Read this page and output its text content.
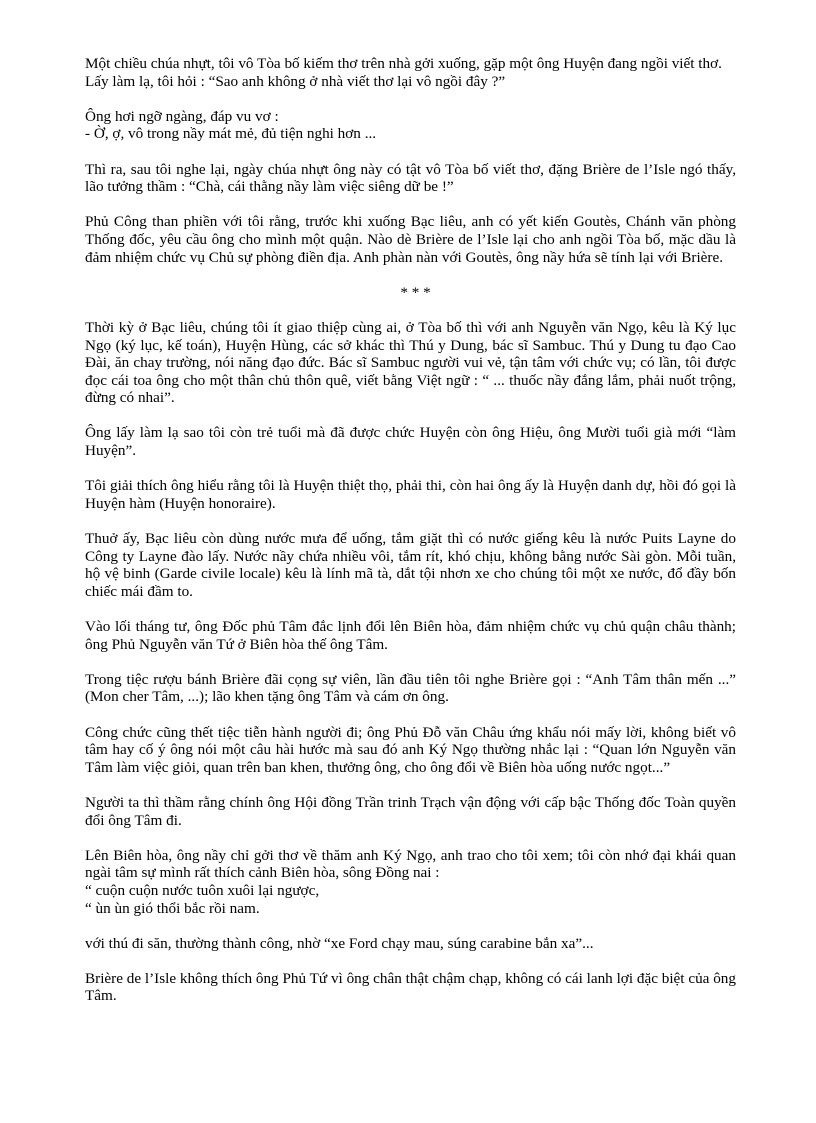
Một chiều chúa nhựt, tôi vô Tòa bố kiếm thơ trên nhà gởi xuống, gặp một ông Huyện đang ngồi viết thơ.
Lấy làm lạ, tôi hỏi : “Sao anh không ở nhà viết thơ lại vô ngồi đây ?”
Ông hơi ngỡ ngàng, đáp vu vơ :
- Ờ, ợ, vô trong nầy mát mẻ, đủ tiện nghi hơn ...
Thì ra, sau tôi nghe lại, ngày chúa nhựt ông này có tật vô Tòa bố viết thơ, đặng Brière de l’Isle ngó thấy, lão tưởng thầm : “Chà, cái thằng nầy làm việc siêng dữ be !”
Phủ Công than phiền với tôi rằng, trước khi xuống Bạc liêu, anh có yết kiến Goutès, Chánh văn phòng Thống đốc, yêu cầu ông cho mình một quận. Nào dè Brière de l’Isle lại cho anh ngồi Tòa bố, mặc dầu là đảm nhiệm chức vụ Chủ sự phòng điền địa. Anh phàn nàn với Goutès, ông nầy hứa sẽ tính lại với Brière.
* * *
Thời kỳ ở Bạc liêu, chúng tôi ít giao thiệp cùng ai, ở Tòa bố thì với anh Nguyễn văn Ngọ, kêu là Ký lục Ngọ (ký lục, kế toán), Huyện Hùng, các sở khác thì Thú y Dung, bác sĩ Sambuc. Thú y Dung tu đạo Cao Đài, ăn chay trường, nói năng đạo đức. Bác sĩ Sambuc người vui vẻ, tận tâm với chức vụ; có lần, tôi được đọc cái toa ông cho một thân chủ thôn quê, viết bằng Việt ngữ : “ ... thuốc nầy đắng lắm, phải nuốt trộng, đừng có nhai”.
Ông lấy làm lạ sao tôi còn trẻ tuổi mà đã được chức Huyện còn ông Hiệu, ông Mười tuổi già mới “làm Huyện”.
Tôi giải thích ông hiểu rằng tôi là Huyện thiệt thọ, phải thi, còn hai ông ấy là Huyện danh dự, hồi đó gọi là Huyện hàm (Huyện honoraire).
Thuở ấy, Bạc liêu còn dùng nước mưa để uống, tắm giặt thì có nước giếng kêu là nước Puits Layne do Công ty Layne đào lấy. Nước nầy chứa nhiều vôi, tắm rít, khó chịu, không bằng nước Sài gòn. Mỗi tuần, hộ vệ binh (Garde civile locale) kêu là lính mã tà, dắt tội nhơn xe cho chúng tôi một xe nước, đổ đầy bốn chiếc mái đầm to.
Vào lối tháng tư, ông Đốc phủ Tâm đắc lịnh đổi lên Biên hòa, đảm nhiệm chức vụ chủ quận châu thành; ông Phủ Nguyễn văn Tứ ở Biên hòa thế ông Tâm.
Trong tiệc rượu bánh Brière đãi cọng sự viên, lần đầu tiên tôi nghe Brière gọi : “Anh Tâm thân mến ...” (Mon cher Tâm, ...); lão khen tặng ông Tâm và cám ơn ông.
Công chức cũng thết tiệc tiễn hành người đi; ông Phủ Đỗ văn Châu ứng khẩu nói mấy lời, không biết vô tâm hay cố ý ông nói một câu hài hước mà sau đó anh Ký Ngọ thường nhắc lại : “Quan lớn Nguyễn văn Tâm làm việc giỏi, quan trên ban khen, thưởng ông, cho ông đổi về Biên hòa uống nước ngọt...”
Người ta thì thầm rằng chính ông Hội đồng Trần trinh Trạch vận động với cấp bậc Thống đốc Toàn quyền đổi ông Tâm đi.
Lên Biên hòa, ông nầy chỉ gởi thơ về thăm anh Ký Ngọ, anh trao cho tôi xem; tôi còn nhớ đại khái quan ngài tâm sự mình rất thích cảnh Biên hòa, sông Đồng nai :
“ cuộn cuộn nước tuôn xuôi lại ngược,
“ ùn ùn gió thổi bắc rồi nam.
với thú đi săn, thường thành công, nhờ “xe Ford chạy mau, súng carabine bắn xa”...
Brière de l’Isle không thích ông Phủ Tứ vì ông chân thật chậm chạp, không có cái lanh lợi đặc biệt của ông Tâm.
